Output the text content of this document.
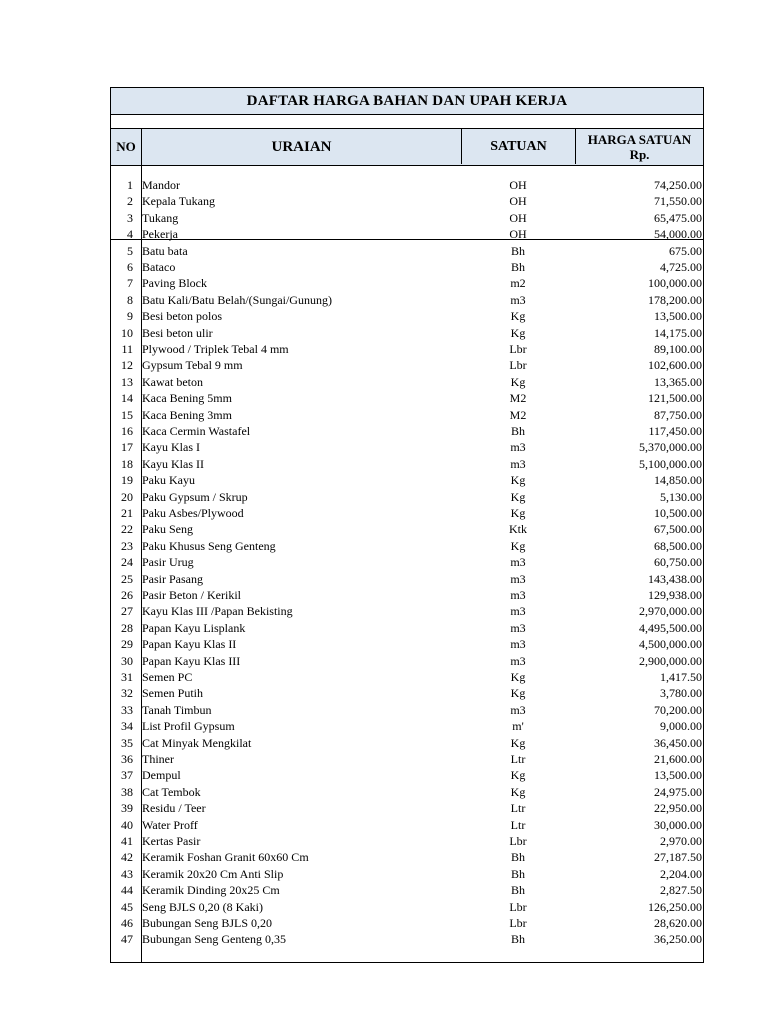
DAFTAR HARGA BAHAN DAN UPAH KERJA
NO	URAIAN	SATUAN	HARGA SATUAN
Rp.
1 Mandor	OH	74,250.00
2 Kepala Tukang	OH	71,550.00
3 Tukang	OH	65,475.00
4 Pekerja	OH	54,000.00
5 Batu bata	Bh	675.00
6 Bataco	Bh	4,725.00
7 Paving Block	m2	100,000.00
8 Batu Kali/Batu Belah/(Sungai/Gunung)	m3	178,200.00
9 Besi beton polos	Kg	13,500.00
10 Besi beton ulir	Kg	14,175.00
11 Plywood / Triplek Tebal 4 mm	Lbr	89,100.00
12 Gypsum Tebal 9 mm	Lbr	102,600.00
13 Kawat beton	Kg	13,365.00
14 Kaca Bening 5mm	M2	121,500.00
15 Kaca Bening 3mm	M2	87,750.00
16 Kaca Cermin Wastafel	Bh	117,450.00
17 Kayu Klas I	m3	5,370,000.00
18 Kayu Klas II	m3	5,100,000.00
19 Paku Kayu	Kg	14,850.00
20 Paku Gypsum / Skrup	Kg	5,130.00
21 Paku Asbes/Plywood	Kg	10,500.00
22 Paku Seng	Ktk	67,500.00
23 Paku Khusus Seng Genteng	Kg	68,500.00
24 Pasir Urug	m3	60,750.00
25 Pasir Pasang	m3	143,438.00
26 Pasir Beton / Kerikil	m3	129,938.00
27 Kayu Klas III /Papan Bekisting	m3	2,970,000.00
28 Papan Kayu Lisplank	m3	4,495,500.00
29 Papan Kayu Klas II	m3	4,500,000.00
30 Papan Kayu Klas III	m3	2,900,000.00
31 Semen PC	Kg	1,417.50
32 Semen Putih	Kg	3,780.00
33 Tanah Timbun	m3	70,200.00
34 List Profil Gypsum	m'	9,000.00
35 Cat Minyak Mengkilat	Kg	36,450.00
36 Thiner	Ltr	21,600.00
37 Dempul	Kg	13,500.00
38 Cat Tembok	Kg	24,975.00
39 Residu / Teer	Ltr	22,950.00
40 Water Proff	Ltr	30,000.00
41 Kertas Pasir	Lbr	2,970.00
42 Keramik Foshan Granit 60x60 Cm	Bh	27,187.50
43 Keramik 20x20 Cm Anti Slip	Bh	2,204.00
44 Keramik Dinding 20x25 Cm	Bh	2,827.50
45 Seng BJLS 0,20 (8 Kaki)	Lbr	126,250.00
46 Bubungan Seng BJLS 0,20	Lbr	28,620.00
47 Bubungan Seng Genteng 0,35	Bh	36,250.00
